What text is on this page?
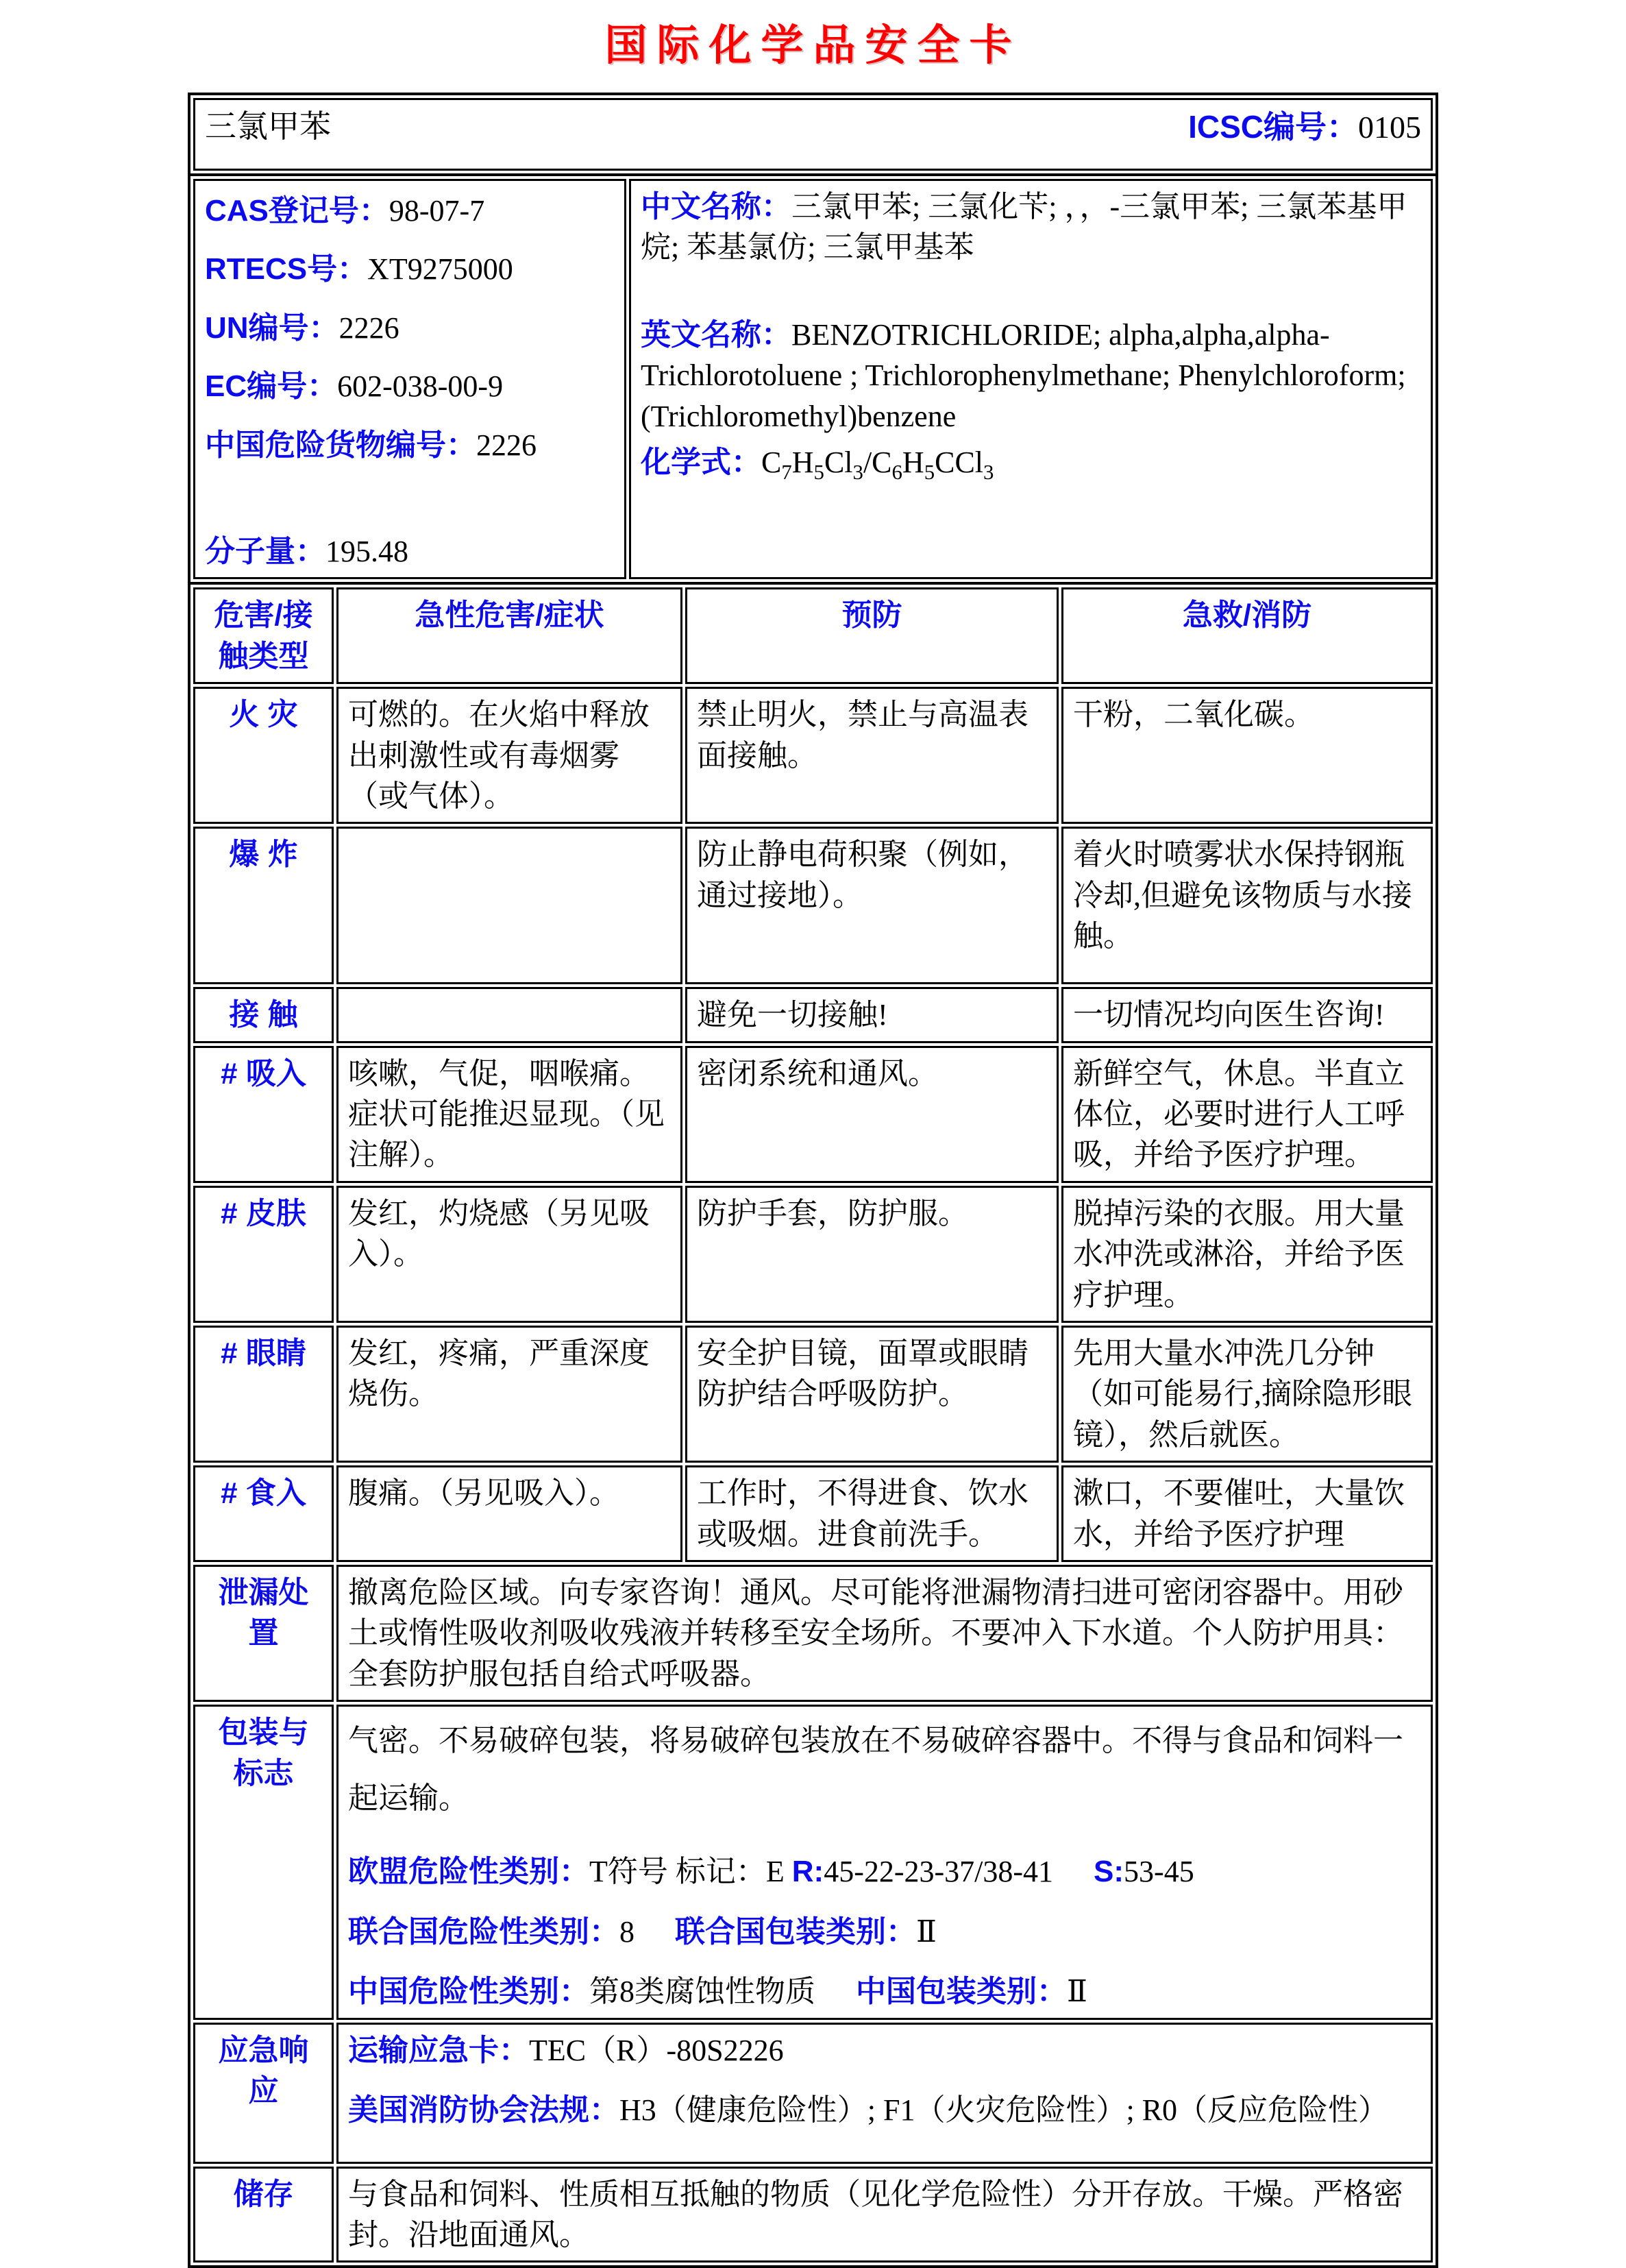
国际化学品安全卡
三氯甲苯	ICSC编号：0105
CAS登记号：98-07-7
RTECS号：XT9275000
UN编号：2226
EC编号：602-038-00-9
中国危险货物编号：2226
分子量：195.48

中文名称：三氯甲苯; 三氯化苄; ，，-三氯甲苯; 三氯苯基甲烷; 苯基氯仿; 三氯甲基苯

英文名称：BENZOTRICHLORIDE; alpha,alpha,alpha-Trichlorotoluene ; Trichlorophenylmethane; Phenylchloroform; (Trichloromethyl)benzene

化学式：$C_7H_5Cl_3/C_6H_5CCl_3$

危害/接触类型	急性危害/症状	预防	急救/消防
火 灾	可燃的。在火焰中释放出刺激性或有毒烟雾（或气体）。	禁止明火，禁止与高温表面接触。	干粉，二氧化碳。
爆 炸		防止静电荷积聚（例如，通过接地）。	着火时喷雾状水保持钢瓶冷却,但避免该物质与水接触。
接 触		避免一切接触!	一切情况均向医生咨询!
# 吸入	咳嗽，气促，咽喉痛。症状可能推迟显现。（见注解）。	密闭系统和通风。	新鲜空气，休息。半直立体位，必要时进行人工呼吸，并给予医疗护理。
# 皮肤	发红，灼烧感（另见吸入）。	防护手套，防护服。	脱掉污染的衣服。用大量水冲洗或淋浴，并给予医疗护理。
# 眼睛	发红，疼痛，严重深度烧伤。	安全护目镜，面罩或眼睛防护结合呼吸防护。	先用大量水冲洗几分钟（如可能易行,摘除隐形眼镜），然后就医。
# 食入	腹痛。（另见吸入）。	工作时，不得进食、饮水或吸烟。进食前洗手。	漱口，不要催吐，大量饮水，并给予医疗护理
泄漏处置	撤离危险区域。向专家咨询！通风。尽可能将泄漏物清扫进可密闭容器中。用砂土或惰性吸收剂吸收残液并转移至安全场所。不要冲入下水道。个人防护用具：全套防护服包括自给式呼吸器。		
包装与标志	气密。不易破碎包装，将易破碎包装放在不易破碎容器中。不得与食品和饲料一起运输。

欧盟危险性类别：T符号 标记：E R:45-22-23-37/38-41 S:53-45

联合国危险性类别：8 联合国包装类别：Ⅱ

中国危险性类别：第8类腐蚀性物质 中国包装类别：Ⅱ		

应急响应	运输应急卡：TEC（R）-80S2226

美国消防协会法规：H3（健康危险性）; F1（火灾危险性）; R0（反应危险性）		

储存	与食品和饲料、性质相互抵触的物质（见化学危险性）分开存放。干燥。严格密封。沿地面通风。		
